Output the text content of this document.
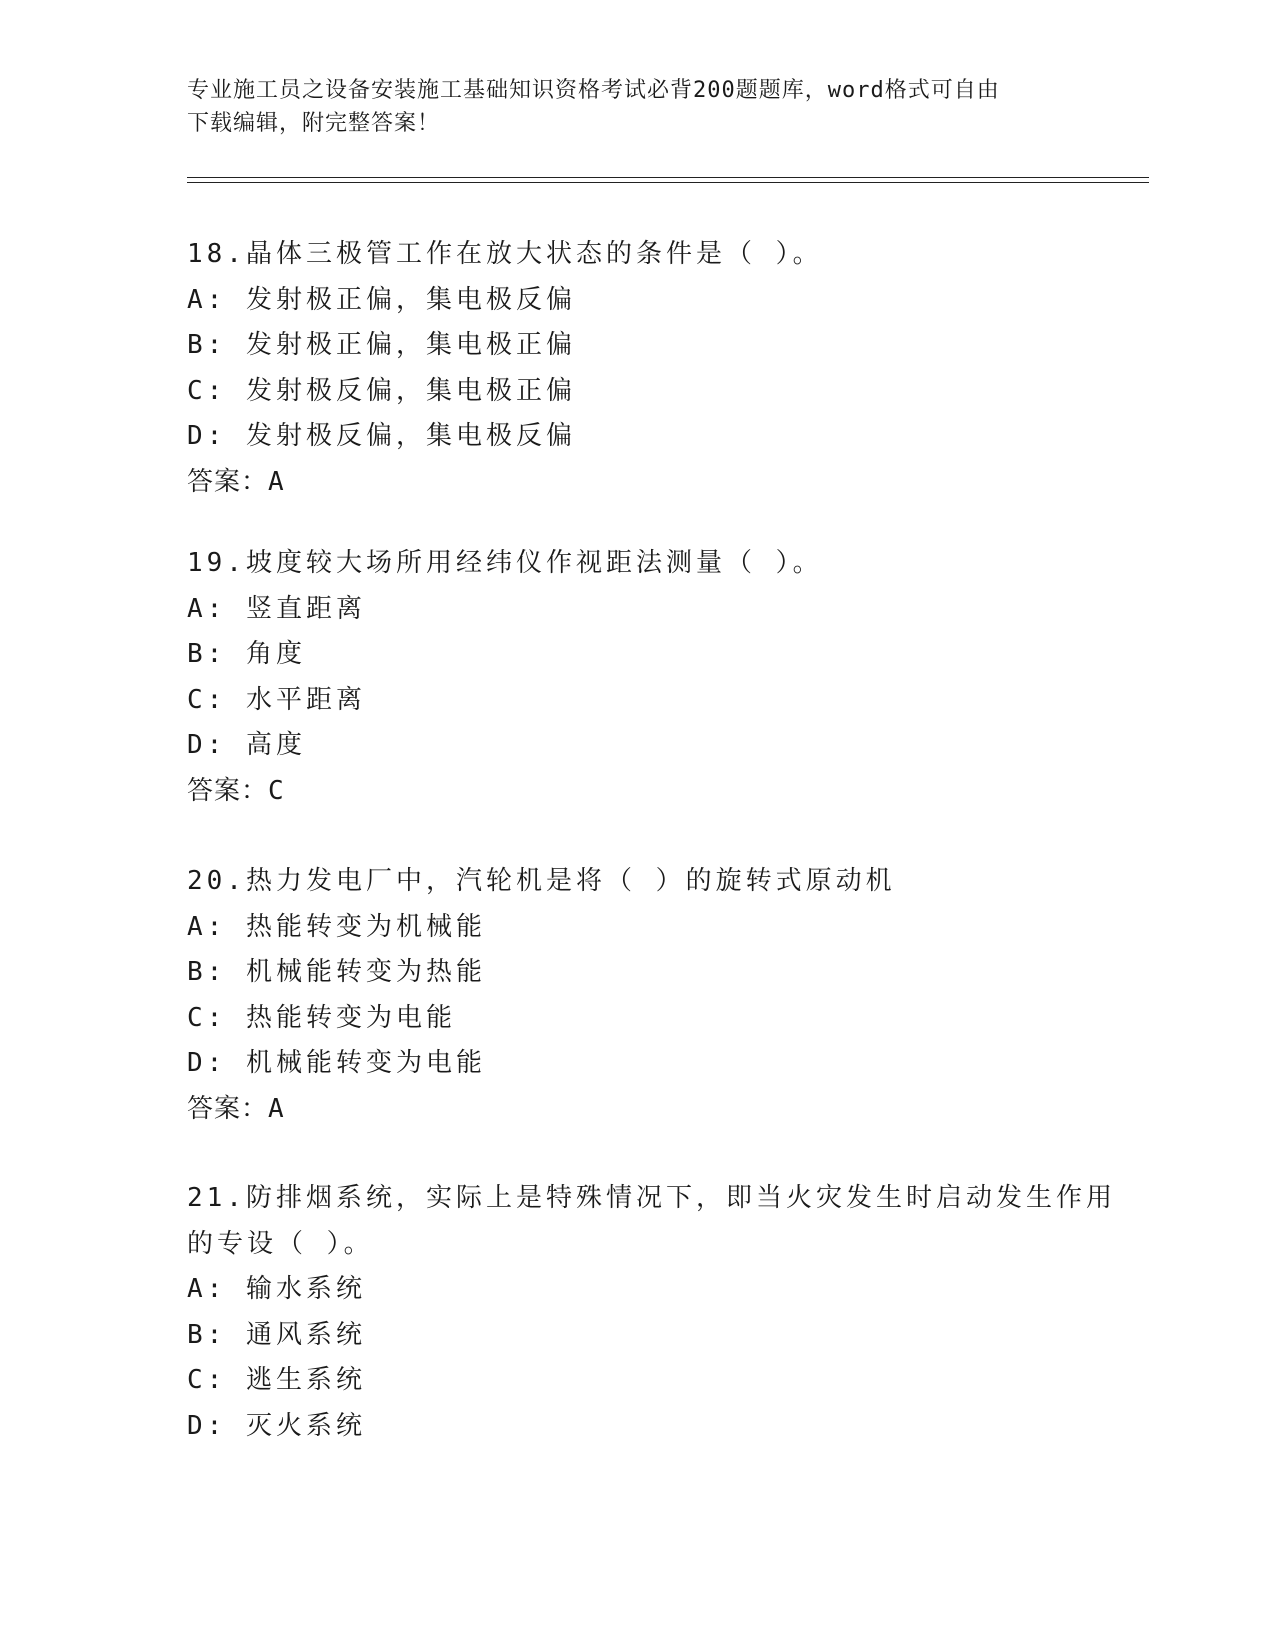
专业施工员之设备安装施工基础知识资格考试必背200题题库，word格式可自由
下载编辑，附完整答案！
18.晶体三极管工作在放大状态的条件是（ ）。
A: 发射极正偏，集电极反偏
B: 发射极正偏，集电极正偏
C: 发射极反偏，集电极正偏
D: 发射极反偏，集电极反偏
答案：A
19.坡度较大场所用经纬仪作视距法测量（ ）。
A: 竖直距离
B: 角度
C: 水平距离
D: 高度
答案：C
20.热力发电厂中，汽轮机是将（ ）的旋转式原动机
A: 热能转变为机械能
B: 机械能转变为热能
C: 热能转变为电能
D: 机械能转变为电能
答案：A
21.防排烟系统，实际上是特殊情况下，即当火灾发生时启动发生作用
的专设（ ）。
A: 输水系统
B: 通风系统
C: 逃生系统
D: 灭火系统
